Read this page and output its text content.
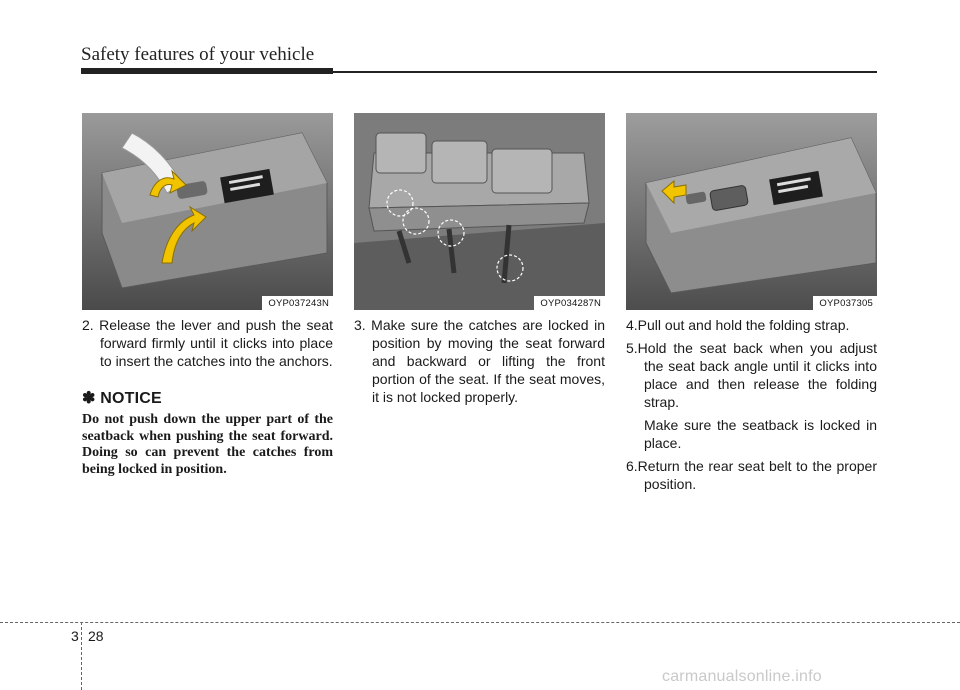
Safety features of your vehicle
OYP037243N	OYP034287N	OYP037305

2. Release the lever and push the seat forward firmly until it clicks into place to insert the catches into the anchors.

✽ NOTICE
Do not push down the upper part of the seatback when pushing the seat forward. Doing so can prevent the catches from being locked in position.

3. Make sure the catches are locked in position by moving the seat forward and backward or lifting the front portion of the seat. If the seat moves, it is not locked properly.

4.Pull out and hold the folding strap.

5.Hold the seat back when you adjust the seat back angle until it clicks into place and then release the folding strap.

Make sure the seatback is locked in place.

6.Return the rear seat belt to the proper position.

3 28
carmanualsonline.info
